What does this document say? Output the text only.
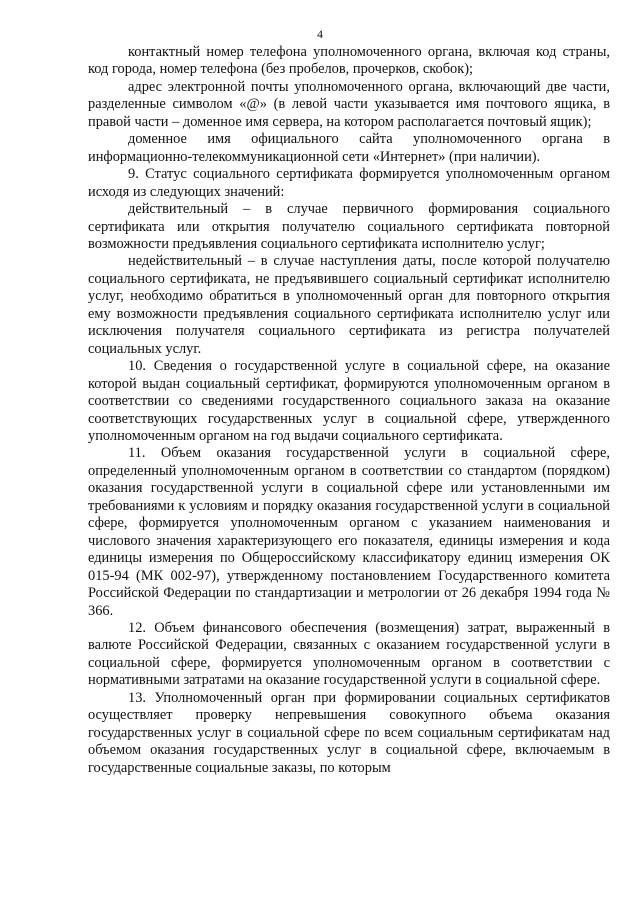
4

контактный номер телефона уполномоченного органа, включая код страны, код города, номер телефона (без пробелов, прочерков, скобок);

адрес электронной почты уполномоченного органа, включающий две части, разделенные символом «@» (в левой части указывается имя почтового ящика, в правой части – доменное имя сервера, на котором располагается почтовый ящик);

доменное имя официального сайта уполномоченного органа в информационно-телекоммуникационной сети «Интернет» (при наличии).

9. Статус социального сертификата формируется уполномоченным органом исходя из следующих значений:

действительный – в случае первичного формирования социального сертификата или открытия получателю социального сертификата повторной возможности предъявления социального сертификата исполнителю услуг;

недействительный – в случае наступления даты, после которой получателю социального сертификата, не предъявившего социальный сертификат исполнителю услуг, необходимо обратиться в уполномоченный орган для повторного открытия ему возможности предъявления социального сертификата исполнителю услуг или исключения получателя социального сертификата из регистра получателей социальных услуг.

10. Сведения о государственной услуге в социальной сфере, на оказание которой выдан социальный сертификат, формируются уполномоченным органом в соответствии со сведениями государственного социального заказа на оказание соответствующих государственных услуг в социальной сфере, утвержденного уполномоченным органом на год выдачи социального сертификата.

11. Объем оказания государственной услуги в социальной сфере, определенный уполномоченным органом в соответствии со стандартом (порядком) оказания государственной услуги в социальной сфере или установленными им требованиями к условиям и порядку оказания государственной услуги в социальной сфере, формируется уполномоченным органом с указанием наименования и числового значения характеризующего его показателя, единицы измерения и кода единицы измерения по Общероссийскому классификатору единиц измерения ОК 015-94 (МК 002-97), утвержденному постановлением Государственного комитета Российской Федерации по стандартизации и метрологии от 26 декабря 1994 года № 366.

12. Объем финансового обеспечения (возмещения) затрат, выраженный в валюте Российской Федерации, связанных с оказанием государственной услуги в социальной сфере, формируется уполномоченным органом в соответствии с нормативными затратами на оказание государственной услуги в социальной сфере.

13. Уполномоченный орган при формировании социальных сертификатов осуществляет проверку непревышения совокупного объема оказания государственных услуг в социальной сфере по всем социальным сертификатам над объемом оказания государственных услуг в социальной сфере, включаемым в государственные социальные заказы, по которым
